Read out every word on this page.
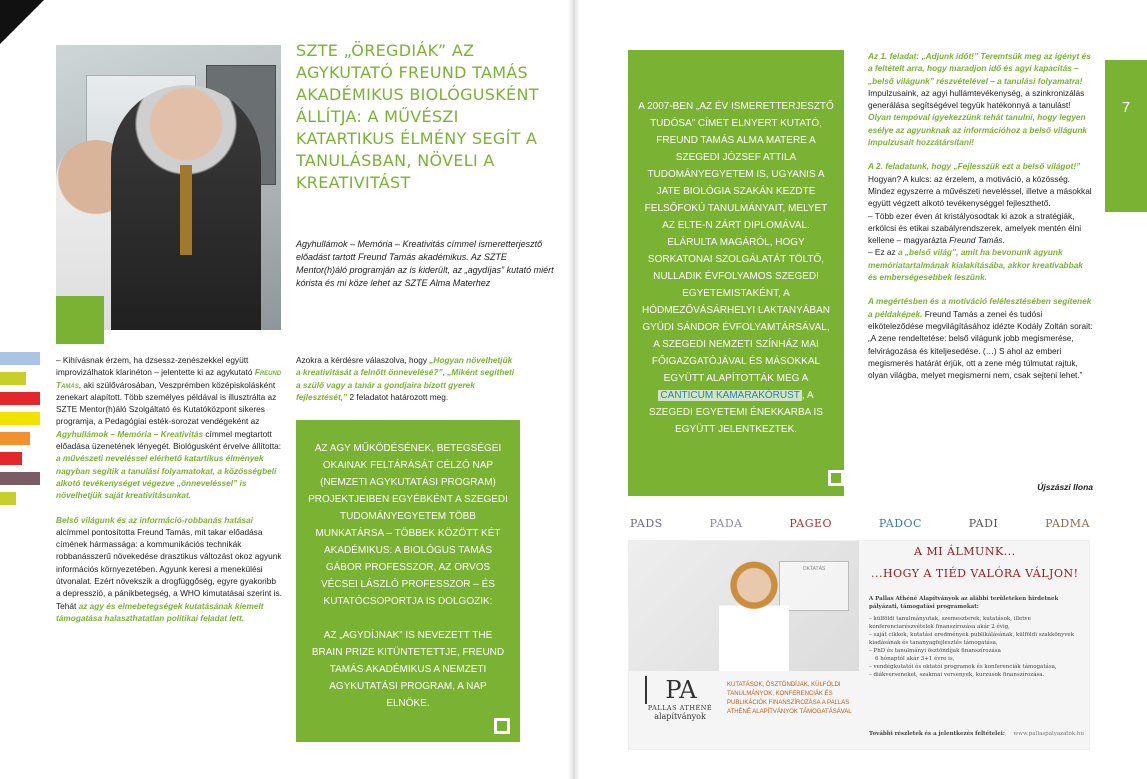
SZTE „ÖREGDIÁK” AZ AGYKUTATÓ FREUND TAMÁS AKADÉMIKUS BIOLÓGUSKÉNT ÁLLÍTJA: A MŰVÉSZI KATARTIKUS ÉLMÉNY SEGÍT A TANULÁSBAN, NÖVELI A KREATIVITÁST
Agyhullámok – Memória – Kreativitás címmel ismeretterjesztő előadást tartott Freund Tamás akadémikus. Az SZTE Mentor(h)áló programján az is kiderült, az „agydíjas” kutató miért kórista és mi köze lehet az SZTE Alma Materhez

– Kihívásnak érzem, ha dzsessz-zenészekkel együtt improvizálhatok klarinéton – jelentette ki az agykutató Freund Tamás, aki szülővárosában, Veszprémben középiskolásként zenekart alapított. Több személyes példával is illusztrálta az SZTE Mentor(h)áló Szolgáltató és Kutatóközpont sikeres programja, a Pedagógiai esték-sorozat vendégeként az Agyhullámok – Memória – Kreativitás címmel megtartott előadása üzenetének lényegét. Biológusként érvelve állította: a művészeti neveléssel elérhető katartikus élmények nagyban segítik a tanulási folyamatokat, a közösségbeli alkotó tevékenységet végezve „önneveléssel” is növelhetjük saját kreativitásunkat.

Belső világunk és az információ-robbanás hatásai alcímmel pontosította Freund Tamás, mit takar előadása címének hármassága: a kommunikációs technikák robbanásszerű növekedése drasztikus változást okoz agyunk információs környezetében. Agyunk keresi a menekülési útvonalat. Ezért növekszik a drogfüggőség, egyre gyakoribb a depresszió, a pánikbetegség, a WHO kimutatásai szerint is. Tehát az agy és elmebetegségek kutatásának kiemelt támogatása halaszthatatlan politikai feladat lett.

Azokra a kérdésre válaszolva, hogy „Hogyan növelhetjük a kreativitását a felnőtt önnevelésé?”, „Miként segítheti a szülő vagy a tanár a gondjaira bízott gyerek fejlesztését,” 2 feladatot határozott meg.

AZ AGY MŰKÖDÉSÉNEK, BETEGSÉGEI OKAINAK FELTÁRÁSÁT CÉLZÓ NAP (NEMZETI AGYKUTATÁSI PROGRAM) PROJEKTJEIBEN EGYÉBKÉNT A SZEGEDI TUDOMÁNYEGYETEM TÖBB MUNKATÁRSA – TÖBBEK KÖZÖTT KÉT AKADÉMIKUS: A BIOLÓGUS TAMÁS GÁBOR PROFESSZOR, AZ ORVOS VÉCSEI LÁSZLÓ PROFESSZOR – ÉS KUTATÓCSOPORTJA IS DOLGOZIK:

AZ „AGYDÍJNAK” IS NEVEZETT THE BRAIN PRIZE KITÜNTETETTJE, FREUND TAMÁS AKADÉMIKUS A NEMZETI AGYKUTATÁSI PROGRAM, A NAP ELNÖKE.

A 2007-BEN „AZ ÉV ISMERETTERJESZTŐ TUDÓSA” CÍMET ELNYERT KUTATÓ, FREUND TAMÁS ALMA MATERE A SZEGEDI JÓZSEF ATTILA TUDOMÁNYEGYETEM IS, UGYANIS A JATE BIOLÓGIA SZAKÁN KEZDTE FELSŐFOKÚ TANULMÁNYAIT, MELYET AZ ELTE-N ZÁRT DIPLOMÁVAL. ELÁRULTA MAGÁRÓL, HOGY SORKATONAI SZOLGÁLATÁT TÖLTŐ, NULLADIK ÉVFOLYAMOS SZEGEDI EGYETEMISTAKÉNT, A HÓDMEZŐVÁSÁRHELYI LAKTANYÁBAN GYÜDI SÁNDOR ÉVFOLYAMTÁRSÁVAL, A SZEGEDI NEMZETI SZÍNHÁZ MAI FŐIGAZGATÓJÁVAL ÉS MÁSOKKAL EGYÜTT ALAPÍTOTTÁK MEG A CANTICUM KAMARAKÓRUST , A SZEGEDI EGYETEMI ÉNEKKARBA IS EGYÜTT JELENTKEZTEK.

Az 1. feladat: „Adjunk időt!” Teremtsük meg az igényt és a feltételt arra, hogy maradjon idő és agyi kapacitás – „belső világunk” részvételével – a tanulási folyamatra! Impulzusaink, az agyi hullámtevékenység, a szinkronizálás generálása segítségével tegyük hatékonnyá a tanulást! Olyan tempóval igyekezzünk tehát tanulni, hogy legyen esélye az agyunknak az információhoz a belső világunk impulzusait hozzátársítani!

A 2. feladatunk, hogy „Fejlesszük ezt a belső világot!” Hogyan? A kulcs: az érzelem, a motiváció, a közösség. Mindez egyszerre a művészeti neveléssel, illetve a másokkal együtt végzett alkotó tevékenységgel fejleszthető.

– Több ezer éven át kristályosodtak ki azok a stratégiák, erkölcsi és etikai szabályrendszerek, amelyek mentén élni kellene – magyarázta Freund Tamás.

– Ez az a „belső világ”, amit ha bevonunk agyunk memóriatartalmának kialakításába, akkor kreatívabbak és emberségesebbek leszünk.

A megértésben és a motiváció felélesztésében segítenek a példaképek. Freund Tamás a zenei és tudósi elköteleződése megvilágításához idézte Kodály Zoltán sorait: „A zene rendeltetése: belső világunk jobb megismerése, felvirágozása és kiteljesedése. (…) S ahol az emberi megismerés határát érjük, ott a zene még túlmutat rajtuk, olyan világba, melyet megismerni nem, csak sejteni lehet.”

Újszászi Ilona
7
PADS	PADA	PAGEO	PADOC	PADI	PADMA
OKTATÁS
A MI ÁLMUNK...
...HOGY A TIÉD VALÓRA VÁLJON!
A Pallas Athéné Alapítványok az alábbi területeken hirdetnek pályázati, támogatási programokat:
– külföldi tanulmányutak, szemeszterek, kutatások, illetve konferenciarészvételek finanszírozása akár 2 évig,
– saját cikkek, kutatási eredmények publikálásának, külföldi szakkönyvek kiadásának és tananyagfejlesztés támogatása,
– PhD és tanulmányi ösztöndíjak finanszírozása
6 hónaptól akár 3+1 évre is,
– vendégkutatói és oktatói programok és konferenciák támogatása,
– diákverseneket, szakmai versenyek, kurzusok finanszírozása.
További részletek és a jelentkezés feltételei: www.pallaspalyazatok.hu
PA
PALLAS ATHÉNÉ
alapítványok
KUTATÁSOK, ÖSZTÖNDÍJAK, KÜLFÖLDI TANULMÁNYOK, KONFERENCIÁK ÉS PUBLIKÁCIÓK FINANSZÍROZÁSA A PALLAS ATHÉNÉ ALAPÍTVÁNYOK TÁMOGATÁSÁVAL
